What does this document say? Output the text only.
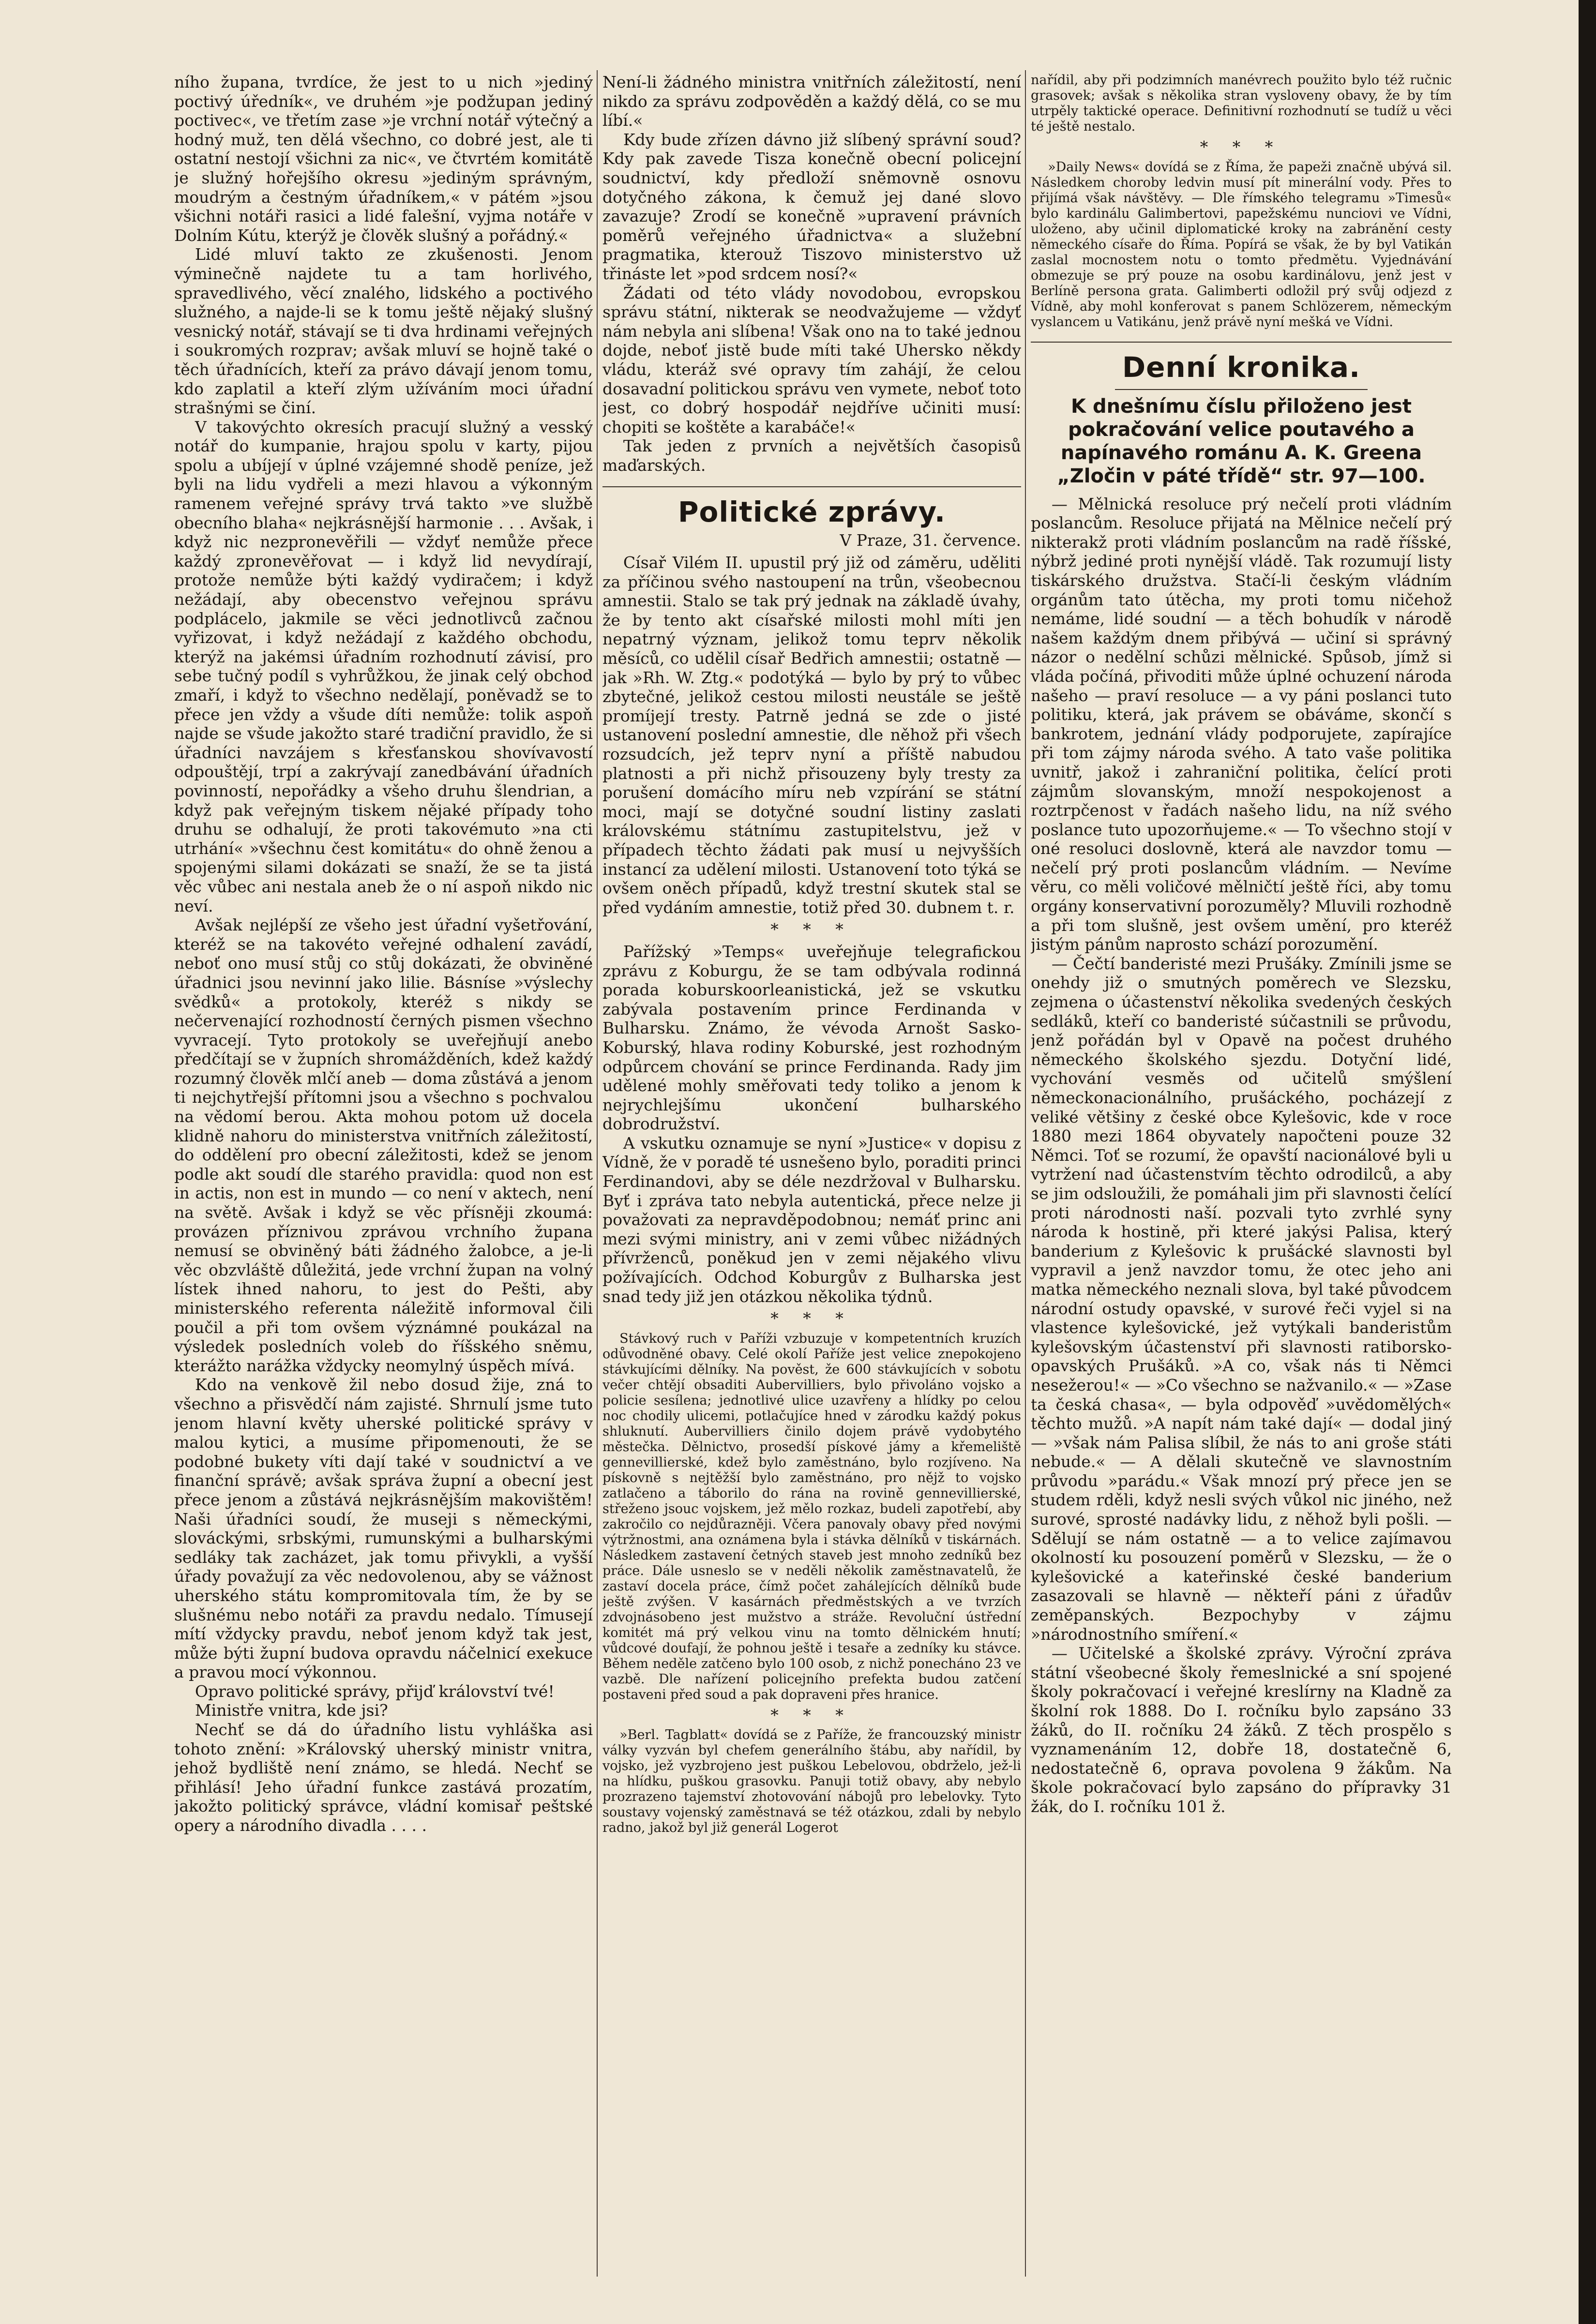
ního župana, tvrdíce, že jest to u nich »jediný poctivý úředník«, ve druhém »je podžupan jediný poctivec«, ve třetím zase »je vrchní notář výtečný a hodný muž, ten dělá všechno, co dobré jest, ale ti ostatní nestojí všichni za nic«, ve čtvrtém komitátě je služný hořejšího okresu »jediným správným, moudrým a čestným úřadníkem,« v pátém »jsou všichni notáři rasici a lidé falešní, vyjma notáře v Dolním Kútu, kterýž je člověk slušný a pořádný.«

Lidé mluví takto ze zkušenosti. Jenom výminečně najdete tu a tam horlivého, spravedlivého, věcí znalého, lidského a poctivého služného, a najde-li se k tomu ještě nějaký slušný vesnický notář, stávají se ti dva hrdinami veřejných i soukromých rozprav; avšak mluví se hojně také o těch úřadnících, kteří za právo dávají jenom tomu, kdo zaplatil a kteří zlým užíváním moci úřadní strašnými se činí.

V takovýchto okresích pracují služný a vesský notář do kumpanie, hrajou spolu v karty, pijou spolu a ubíjejí v úplné vzájemné shodě peníze, jež byli na lidu vydřeli a mezi hlavou a výkonným ramenem veřejné správy trvá takto »ve službě obecního blaha« nejkrásnější harmonie . . . Avšak, i když nic nezpronevěřili — vždyť nemůže přece každý zpronevěřovat — i když lid nevydírají, protože nemůže býti každý vydiračem; i když nežádají, aby obecenstvo veřejnou správu podplácelo, jakmile se věci jednotlivců začnou vyřizovat, i když nežádají z každého obchodu, kterýž na jakémsi úřadním rozhodnutí závisí, pro sebe tučný podíl s vyhrůžkou, že jinak celý obchod zmaří, i když to všechno nedělají, poněvadž se to přece jen vždy a všude díti nemůže: tolik aspoň najde se všude jakožto staré tradiční pravidlo, že si úřadníci navzájem s křesťanskou shovívavostí odpouštějí, trpí a zakrývají zanedbávání úřadních povinností, nepořádky a všeho druhu šlendrian, a když pak veřejným tiskem nějaké případy toho druhu se odhalují, že proti takovémuto »na cti utrhání« »všechnu čest komitátu« do ohně ženou a spojenými silami dokázati se snaží, že se ta jistá věc vůbec ani nestala aneb že o ní aspoň nikdo nic neví.

Avšak nejlépší ze všeho jest úřadní vyšetřování, kteréž se na takovéto veřejné odhalení zavádí, neboť ono musí stůj co stůj dokázati, že obviněné úřadnici jsou nevinní jako lilie. Básníse »výslechy svědků« a protokoly, kteréž s nikdy se nečervenající rozhodností černých pismen všechno vyvracejí. Tyto protokoly se uveřejňují anebo předčítají se v župních shromážděních, kdež každý rozumný člověk mlčí aneb — doma zůstává a jenom ti nejchytřejší přítomni jsou a všechno s pochvalou na vědomí berou. Akta mohou potom už docela klidně nahoru do ministerstva vnitřních záležitostí, do oddělení pro obecní záležitosti, kdež se jenom podle akt soudí dle starého pravidla: quod non est in actis, non est in mundo — co není v aktech, není na světě. Avšak i když se věc přísněji zkoumá: provázen příznivou zprávou vrchního župana nemusí se obviněný báti žádného žalobce, a je-li věc obzvláště důležitá, jede vrchní župan na volný lístek ihned nahoru, to jest do Pešti, aby ministerského referenta náležitě informoval čili poučil a při tom ovšem význámné poukázal na výsledek posledních voleb do říšského sněmu, kterážto narážka vždycky neomylný úspěch mívá.

Kdo na venkově žil nebo dosud žije, zná to všechno a přisvědčí nám zajisté. Shrnulí jsme tuto jenom hlavní květy uherské politické správy v malou kytici, a musíme připomenouti, že se podobné bukety víti dají také v soudnictví a ve finanční správě; avšak správa župní a obecní jest přece jenom a zůstává nejkrásnějším makovištěm! Naši úřadníci soudí, že museji s německými, slováckými, srbskými, rumunskými a bulharskými sedláky tak zacházet, jak tomu přivykli, a vyšší úřady považují za věc nedovolenou, aby se vážnost uherského státu kompromitovala tím, že by se slušnému nebo notáři za pravdu nedalo. Tímusejí mítí vždycky pravdu, neboť jenom když tak jest, může býti župní budova opravdu náčelnicí exekuce a pravou mocí výkonnou.

Opravo politické správy, přijď království tvé!

Ministře vnitra, kde jsi?

Nechť se dá do úřadního listu vyhláška asi tohoto znění: »Královský uherský ministr vnitra, jehož bydliště není známo, se hledá. Nechť se přihlásí! Jeho úřadní funkce zastává prozatím, jakožto politický správce, vládní komisař peštské opery a národního divadla . . . .

Není-li žádného ministra vnitřních záležitostí, není nikdo za správu zodpověděn a každý dělá, co se mu líbí.«

Kdy bude zřízen dávno již slíbený správní soud? Kdy pak zavede Tisza konečně obecní policejní soudnictví, kdy předloží sněmovně osnovu dotyčného zákona, k čemuž jej dané slovo zavazuje? Zrodí se konečně »upravení právních poměrů veřejného úřadnictva« a služební pragmatika, kterouž Tiszovo ministerstvo už třináste let »pod srdcem nosí?«

Žádati od této vlády novodobou, evropskou správu státní, nikterak se neodvažujeme — vždyť nám nebyla ani slíbena! Však ono na to také jednou dojde, neboť jistě bude míti také Uhersko někdy vládu, kteráž své opravy tím zahájí, že celou dosavadní politickou správu ven vymete, neboť toto jest, co dobrý hospodář nejdříve učiniti musí: chopiti se koštěte a karabáče!«

Tak jeden z prvních a největších časopisů maďarských.

Politické zprávy.
V Praze, 31. července.

Císař Vilém II. upustil prý již od záměru, uděliti za příčinou svého nastoupení na trůn, všeobecnou amnestii. Stalo se tak prý jednak na základě úvahy, že by tento akt císařské milosti mohl míti jen nepatrný význam, jelikož tomu teprv několik měsíců, co udělil císař Bedřich amnestii; ostatně — jak »Rh. W. Ztg.« podotýká — bylo by prý to vůbec zbytečné, jelikož cestou milosti neustále se ještě promíjejí tresty. Patrně jedná se zde o jisté ustanovení poslední amnestie, dle něhož při všech rozsudcích, jež teprv nyní a příště nabudou platnosti a při nichž přisouzeny byly tresty za porušení domácího míru neb vzpírání se státní moci, mají se dotyčné soudní listiny zaslati královskému státnímu zastupitelstvu, jež v případech těchto žádati pak musí u nejvyšších instancí za udělení milosti. Ustanovení toto týká se ovšem oněch případů, když trestní skutek stal se před vydáním amnestie, totiž před 30. dubnem t. r.

* * *

Pařížský »Temps« uveřejňuje telegrafickou zprávu z Koburgu, že se tam odbývala rodinná porada koburskoorleanistická, jež se vskutku zabývala postavením prince Ferdinanda v Bulharsku. Známo, že vévoda Arnošt Sasko-Koburský, hlava rodiny Koburské, jest rozhodným odpůrcem chování se prince Ferdinanda. Rady jim udělené mohly směřovati tedy toliko a jenom k nejrychlejšímu ukončení bulharského dobrodružství.

A vskutku oznamuje se nyní »Justice« v dopisu z Vídně, že v poradě té usnešeno bylo, poraditi princi Ferdinandovi, aby se déle nezdržoval v Bulharsku. Byť i zpráva tato nebyla autentická, přece nelze ji považovati za nepravděpodobnou; nemáť princ ani mezi svými ministry, ani v zemi vůbec nižádných přívrženců, poněkud jen v zemi nějakého vlivu požívajících. Odchod Koburgův z Bulharska jest snad tedy již jen otázkou několika týdnů.

* * *

Stávkový ruch v Paříži vzbuzuje v kompetentních kruzích odůvodněné obavy. Celé okolí Paříže jest velice znepokojeno stávkujícími dělníky. Na pověst, že 600 stávkujících v sobotu večer chtějí obsaditi Aubervilliers, bylo přivoláno vojsko a policie sesílena; jednotlivé ulice uzavřeny a hlídky po celou noc chodily ulicemi, potlačujíce hned v zárodku každý pokus shluknutí. Aubervilliers činilo dojem právě vydobytého městečka. Dělnictvo, prosedší pískové jámy a křemeliště gennevillierské, kdež bylo zaměstnáno, bylo rozjíveno. Na pískovně s nejtěžší bylo zaměstnáno, pro nějž to vojsko zatlačeno a táborilo do rána na rovině gennevillierské, střeženo jsouc vojskem, jež mělo rozkaz, budeli zapotřebí, aby zakročilo co nejdůrazněji. Včera panovaly obavy před novými výtržnostmi, ana oznámena byla i stávka dělníků v tiskárnách. Následkem zastavení četných staveb jest mnoho zedníků bez práce. Dále usneslo se v neděli několik zaměstnavatelů, že zastaví docela práce, čímž počet zahálejících dělníků bude ještě zvýšen. V kasárnách předměstských a ve tvrzích zdvojnásobeno jest mužstvo a stráže. Revoluční ústřední komitét má prý velkou vinu na tomto dělnickém hnutí; vůdcové doufají, že pohnou ještě i tesaře a zedníky ku stávce. Během neděle zatčeno bylo 100 osob, z nichž ponecháno 23 ve vazbě. Dle nařízení policejního prefekta budou zatčení postaveni před soud a pak dopraveni přes hranice.

* * *

»Berl. Tagblatt« dovídá se z Paříže, že francouzský ministr války vyzván byl chefem generálního štábu, aby nařídil, by vojsko, jež vyzbrojeno jest puškou Lebelovou, obdrželo, jež-li na hlídku, puškou grasovku. Panuji totiž obavy, aby nebylo prozrazeno tajemství zhotovování nábojů pro lebelovky. Tyto soustavy vojenský zaměstnavá se též otázkou, zdali by nebylo radno, jakož byl již generál Logerot

nařídil, aby při podzimních manévrech použito bylo též ručnic grasovek; avšak s několika stran vysloveny obavy, že by tím utrpěly taktické operace. Definitivní rozhodnutí se tudíž u věci té ještě nestalo.

* * *

»Daily News« dovídá se z Říma, že papeži značně ubývá sil. Následkem choroby ledvin musí pít minerální vody. Přes to přijímá však návštěvy. — Dle římského telegramu »Timesů« bylo kardinálu Galimbertovi, papežskému nunciovi ve Vídni, uloženo, aby učinil diplomatické kroky na zabránění cesty německého císaře do Říma. Popírá se však, že by byl Vatikán zaslal mocnostem notu o tomto předmětu. Vyjednávání obmezuje se prý pouze na osobu kardinálovu, jenž jest v Berlíně persona grata. Galimberti odložil prý svůj odjezd z Vídně, aby mohl konferovat s panem Schlözerem, německým vyslancem u Vatikánu, jenž právě nyní mešká ve Vídni.

Denní kronika.
K dnešnímu číslu přiloženo jest pokračování velice poutavého a napínavého románu A. K. Greena „Zločin v páté třídě“ str. 97—100.

— Mělnická resoluce prý nečelí proti vládním poslancům. Resoluce přijatá na Mělnice nečelí prý nikterakž proti vládním poslancům na radě říšské, nýbrž jediné proti nynější vládě. Tak rozumují listy tiskárského družstva. Stačí-li českým vládním orgánům tato útěcha, my proti tomu ničehož nemáme, lidé soudní — a těch bohudík v národě našem každým dnem přibývá — učiní si správný názor o nedělní schůzi mělnické. Spůsob, jímž si vláda počíná, přivoditi může úplné ochuzení národa našeho — praví resoluce — a vy páni poslanci tuto politiku, která, jak právem se obáváme, skončí s bankrotem, jednání vlády podporujete, zapírajíce při tom zájmy národa svého. A tato vaše politika uvnitř, jakož i zahraniční politika, čelící proti zájmům slovanským, množí nespokojenost a roztrpčenost v řadách našeho lidu, na níž svého poslance tuto upozorňujeme.« — To všechno stojí v oné resoluci doslovně, která ale navzdor tomu — nečelí prý proti poslancům vládním. — Nevíme věru, co měli voličové mělničtí ještě říci, aby tomu orgány konservativní porozuměly? Mluvili rozhodně a při tom slušně, jest ovšem umění, pro kteréž jistým pánům naprosto schází porozumění.

— Čečtí banderisté mezi Prušáky. Zmínili jsme se onehdy již o smutných poměrech ve Slezsku, zejmena o účastenství několika svedených českých sedláků, kteří co banderisté súčastnili se průvodu, jenž pořádán byl v Opavě na počest druhého německého školského sjezdu. Dotyční lidé, vychování vesměs od učitelů smýšlení německonacionálního, prušáckého, pocházejí z veliké většiny z české obce Kylešovic, kde v roce 1880 mezi 1864 obyvately napočteni pouze 32 Němci. Toť se rozumí, že opavští nacionálové byli u vytržení nad účastenstvím těchto odrodilců, a aby se jim odsloužili, že pomáhali jim při slavnosti čelící proti národnosti naší. pozvali tyto zvrhlé syny národa k hostině, při které jakýsi Palisa, který banderium z Kylešovic k prušácké slavnosti byl vypravil a jenž navzdor tomu, že otec jeho ani matka německého neznali slova, byl také původcem národní ostudy opavské, v surové řeči vyjel si na vlastence kylešovické, jež vytýkali banderistům kylešovským účastenství při slavnosti ratiborsko-opavských Prušáků. »A co, však nás ti Němci nesežerou!« — »Co všechno se nažvanilo.« — »Zase ta česká chasa«, — byla odpověď »uvědomělých« těchto mužů. »A napít nám také dají« — dodal jiný — »však nám Palisa slíbil, že nás to ani groše státi nebude.« — A dělali skutečně ve slavnostním průvodu »parádu.« Však mnozí prý přece jen se studem rděli, když nesli svých vůkol nic jiného, než surové, sprosté nadávky lidu, z něhož byli pošli. — Sdělují se nám ostatně — a to velice zajímavou okolností ku posouzení poměrů v Slezsku, — že o kylešovické a kateřinské české banderium zasazovali se hlavně — někteří páni z úřadův zeměpanských. Bezpochyby v zájmu »národnostního smíření.«

— Učitelské a školské zprávy. Výroční zpráva státní všeobecné školy řemeslnické a sní spojené školy pokračovací i veřejné kreslírny na Kladně za školní rok 1888. Do I. ročníku bylo zapsáno 33 žáků, do II. ročníku 24 žáků. Z těch prospělo s vyznamenáním 12, dobře 18, dostatečně 6, nedostatečně 6, oprava povolena 9 žákům. Na škole pokračovací bylo zapsáno do přípravky 31 žák, do I. ročníku 101 ž.
